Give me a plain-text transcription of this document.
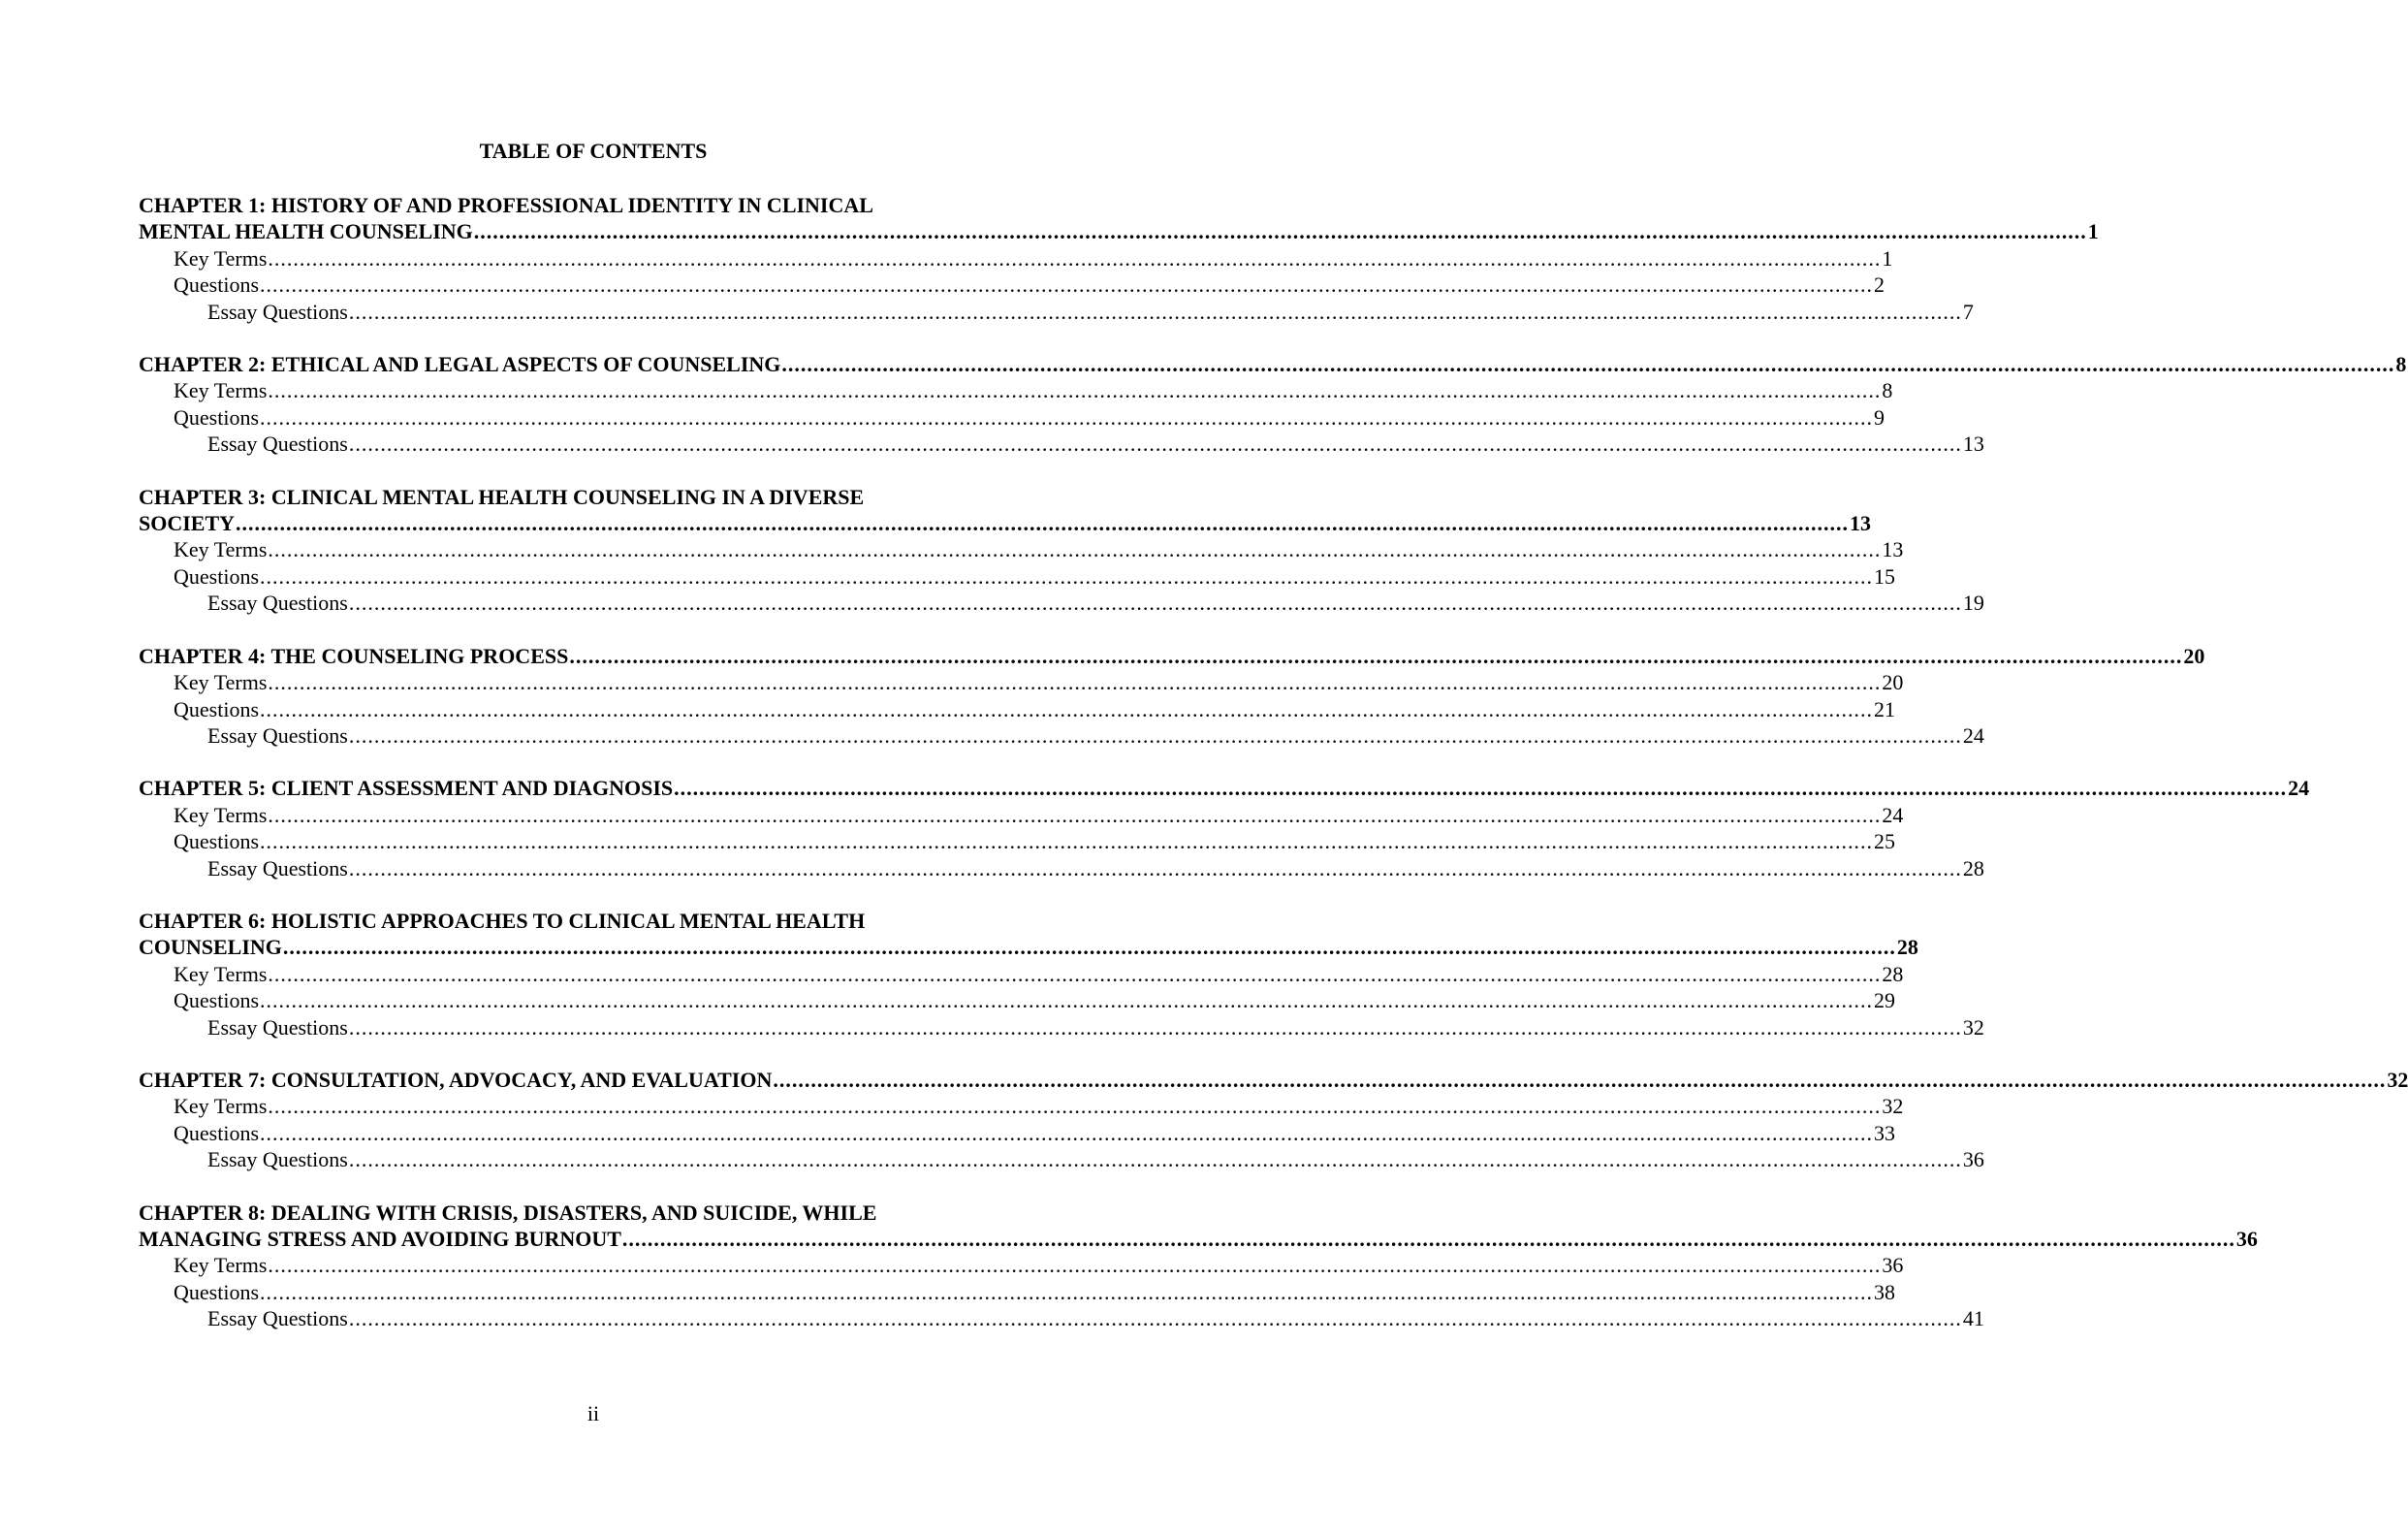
TABLE OF CONTENTS
CHAPTER 1: HISTORY OF AND PROFESSIONAL IDENTITY IN CLINICAL
MENTAL HEALTH COUNSELING ................................................................................................................................................................................................................................................................ 1
Key Terms ................................................................................................................................................................................................................................................................ 1
Questions ................................................................................................................................................................................................................................................................ 2
Essay Questions ................................................................................................................................................................................................................................................................ 7
CHAPTER 2: ETHICAL AND LEGAL ASPECTS OF COUNSELING ................................................................................................................................................................................................................................................................ 8
Key Terms ................................................................................................................................................................................................................................................................ 8
Questions ................................................................................................................................................................................................................................................................ 9
Essay Questions ................................................................................................................................................................................................................................................................ 13
CHAPTER 3: CLINICAL MENTAL HEALTH COUNSELING IN A DIVERSE
SOCIETY ................................................................................................................................................................................................................................................................ 13
Key Terms ................................................................................................................................................................................................................................................................ 13
Questions ................................................................................................................................................................................................................................................................ 15
Essay Questions ................................................................................................................................................................................................................................................................ 19
CHAPTER 4: THE COUNSELING PROCESS ................................................................................................................................................................................................................................................................ 20
Key Terms ................................................................................................................................................................................................................................................................ 20
Questions ................................................................................................................................................................................................................................................................ 21
Essay Questions ................................................................................................................................................................................................................................................................ 24
CHAPTER 5: CLIENT ASSESSMENT AND DIAGNOSIS ................................................................................................................................................................................................................................................................ 24
Key Terms ................................................................................................................................................................................................................................................................ 24
Questions ................................................................................................................................................................................................................................................................ 25
Essay Questions ................................................................................................................................................................................................................................................................ 28
CHAPTER 6: HOLISTIC APPROACHES TO CLINICAL MENTAL HEALTH
COUNSELING ................................................................................................................................................................................................................................................................ 28
Key Terms ................................................................................................................................................................................................................................................................ 28
Questions ................................................................................................................................................................................................................................................................ 29
Essay Questions ................................................................................................................................................................................................................................................................ 32
CHAPTER 7: CONSULTATION, ADVOCACY, AND EVALUATION ................................................................................................................................................................................................................................................................ 32
Key Terms ................................................................................................................................................................................................................................................................ 32
Questions ................................................................................................................................................................................................................................................................ 33
Essay Questions ................................................................................................................................................................................................................................................................ 36
CHAPTER 8: DEALING WITH CRISIS, DISASTERS, AND SUICIDE, WHILE
MANAGING STRESS AND AVOIDING BURNOUT ................................................................................................................................................................................................................................................................ 36
Key Terms ................................................................................................................................................................................................................................................................ 36
Questions ................................................................................................................................................................................................................................................................ 38
Essay Questions ................................................................................................................................................................................................................................................................ 41
ii
